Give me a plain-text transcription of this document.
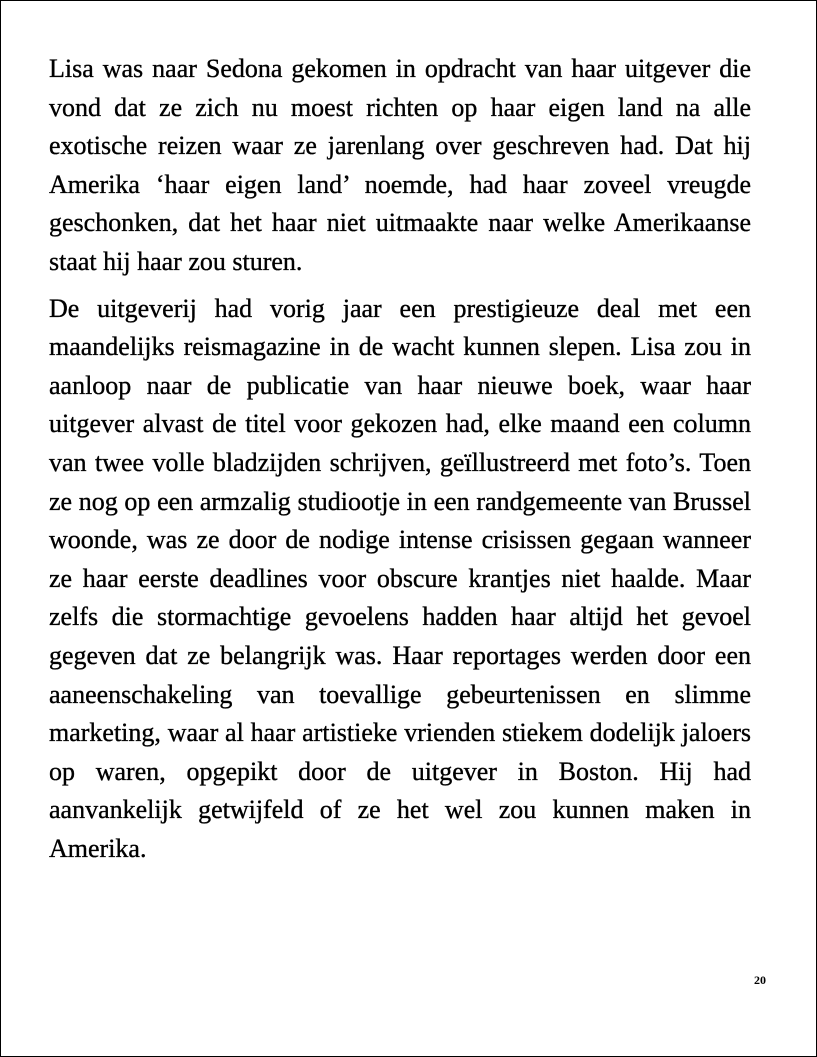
Lisa was naar Sedona gekomen in opdracht van haar uitgever die vond dat ze zich nu moest richten op haar eigen land na alle exotische reizen waar ze jarenlang over geschreven had. Dat hij Amerika ‘haar eigen land’ noemde, had haar zoveel vreugde geschonken, dat het haar niet uitmaakte naar welke Amerikaanse staat hij haar zou sturen.

De uitgeverij had vorig jaar een prestigieuze deal met een maandelijks reismagazine in de wacht kunnen slepen. Lisa zou in aanloop naar de publicatie van haar nieuwe boek, waar haar uitgever alvast de titel voor gekozen had, elke maand een column van twee volle bladzijden schrijven, geïllustreerd met foto’s. Toen ze nog op een armzalig studiootje in een randgemeente van Brussel woonde, was ze door de nodige intense crisissen gegaan wanneer ze haar eerste deadlines voor obscure krantjes niet haalde. Maar zelfs die stormachtige gevoelens hadden haar altijd het gevoel gegeven dat ze belangrijk was. Haar reportages werden door een aaneenschakeling van toevallige gebeurtenissen en slimme marketing, waar al haar artistieke vrienden stiekem dodelijk jaloers op waren, opgepikt door de uitgever in Boston. Hij had aanvankelijk getwijfeld of ze het wel zou kunnen maken in Amerika.

20
